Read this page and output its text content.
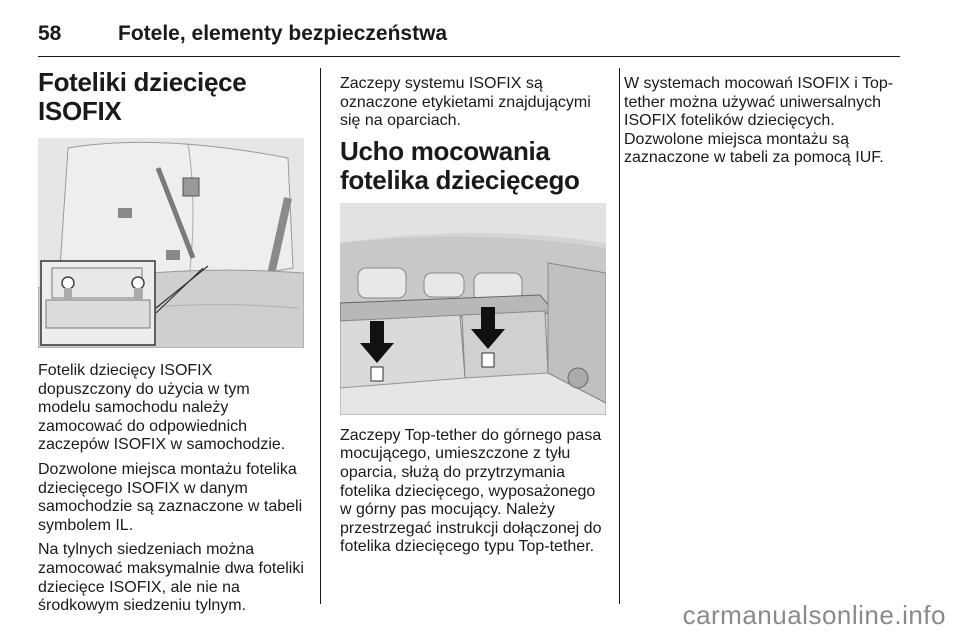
58	Fotele, elementy bezpieczeństwa
Foteliki dziecięce ISOFIX

Fotelik dziecięcy ISOFIX dopuszczony do użycia w tym modelu samochodu należy zamocować do odpowiednich zaczepów ISOFIX w samochodzie.

Dozwolone miejsca montażu fotelika dziecięcego ISOFIX w danym samochodzie są zaznaczone w tabeli symbolem IL.

Na tylnych siedzeniach można zamocować maksymalnie dwa foteliki dziecięce ISOFIX, ale nie na środkowym siedzeniu tylnym.

Zaczepy systemu ISOFIX są oznaczone etykietami znajdującymi się na oparciach.

Ucho mocowania fotelika dziecięcego

Zaczepy Top-tether do górnego pasa mocującego, umieszczone z tyłu oparcia, służą do przytrzymania fotelika dziecięcego, wyposażonego w górny pas mocujący. Należy przestrzegać instrukcji dołączonej do fotelika dziecięcego typu Top-tether.

W systemach mocowań ISOFIX i Top-tether można używać uniwersalnych ISOFIX fotelików dziecięcych. Dozwolone miejsca montażu są zaznaczone w tabeli za pomocą IUF.

carmanualsonline.info
